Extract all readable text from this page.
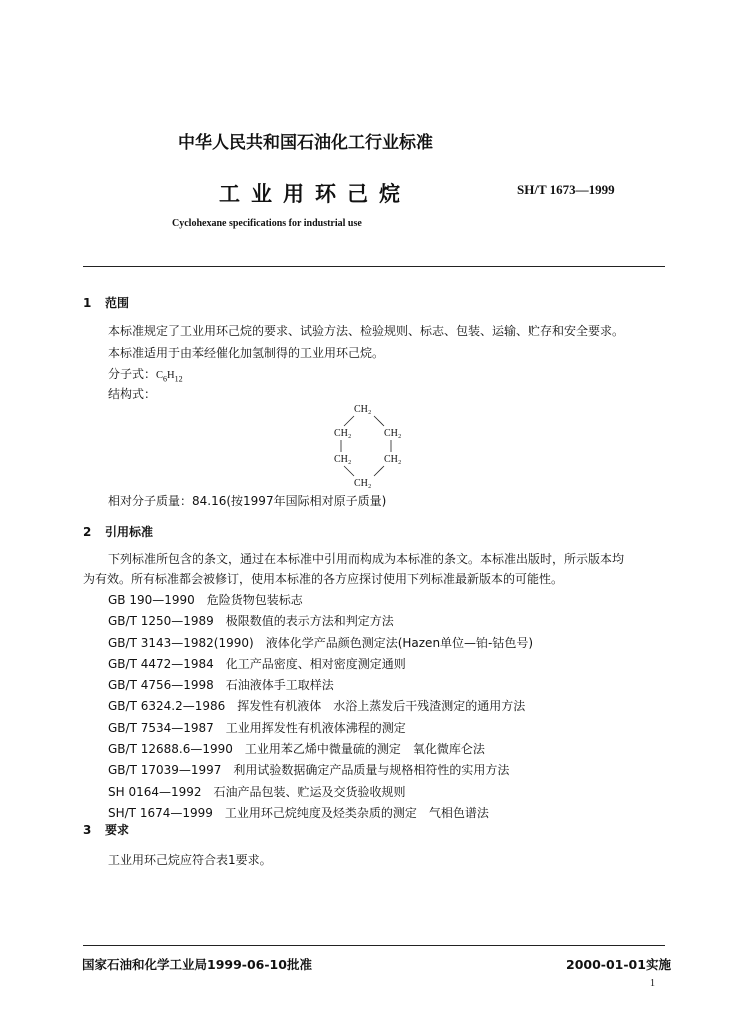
中华人民共和国石油化工行业标准
工业用环己烷	SH/T 1673—1999
Cyclohexane specifications for industrial use
1 范围
本标准规定了工业用环己烷的要求、试验方法、检验规则、标志、包装、运输、贮存和安全要求。
本标准适用于由苯经催化加氢制得的工业用环己烷。
分子式：$C_6H_{12}$
结构式：
CH₂
CH₂	CH₂
CH₂	CH₂
CH₂
相对分子质量：84.16(按1997年国际相对原子质量)
2 引用标准
下列标准所包含的条文，通过在本标准中引用而构成为本标准的条文。本标准出版时，所示版本均
为有效。所有标准都会被修订，使用本标准的各方应探讨使用下列标准最新版本的可能性。
GB 190—1990　危险货物包装标志
GB/T 1250—1989　极限数值的表示方法和判定方法
GB/T 3143—1982(1990)　液体化学产品颜色测定法(Hazen单位—铂-钴色号)
GB/T 4472—1984　化工产品密度、相对密度测定通则
GB/T 4756—1998　石油液体手工取样法
GB/T 6324.2—1986　挥发性有机液体　水浴上蒸发后干残渣测定的通用方法
GB/T 7534—1987　工业用挥发性有机液体沸程的测定
GB/T 12688.6—1990　工业用苯乙烯中微量硫的测定　氧化微库仑法
GB/T 17039—1997　利用试验数据确定产品质量与规格相符性的实用方法
SH 0164—1992　石油产品包装、贮运及交货验收规则
SH/T 1674—1999　工业用环己烷纯度及烃类杂质的测定　气相色谱法
3 要求
工业用环己烷应符合表1要求。
国家石油和化学工业局1999-06-10批准	2000-01-01实施
1
